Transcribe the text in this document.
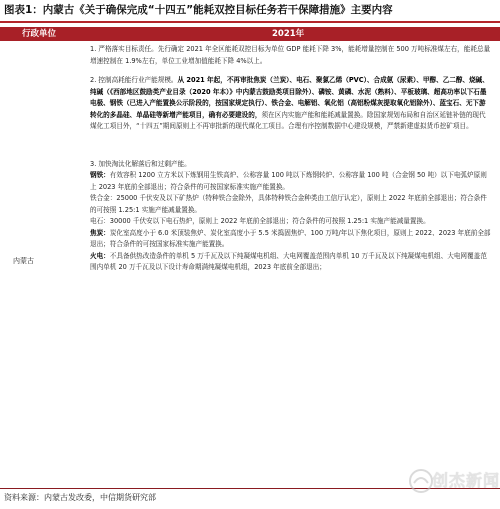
图表1：内蒙古《关于确保完成“十四五”能耗双控目标任务若干保障措施》主要内容
行政单位	2021年
内蒙古
1. 严格落实目标责任。先行确定 2021 年全区能耗双控目标为单位 GDP 能耗下降 3%，能耗增量控制在 500 万吨标准煤左右，能耗总量增速控制在 1.9%左右，单位工业增加值能耗下降 4%以上。
2. 控制高耗能行业产能规模。从 2021 年起，不再审批焦炭（兰炭）、电石、聚氯乙烯（PVC）、合成氨（尿素）、甲醇、乙二醇、烧碱、纯碱（《西部地区鼓励类产业目录（2020 年本）》中内蒙古鼓励类项目除外）、磷铵、黄磷、水泥（熟料）、平板玻璃、超高功率以下石墨电极、钢铁（已进入产能置换公示阶段的，按国家规定执行）、铁合金、电解铝、氧化铝（高铝粉煤灰提取氧化铝除外）、蓝宝石、无下游转化的多晶硅、单晶硅等新增产能项目，确有必要建设的，须在区内实施产能和能耗减量置换。除国家规划布局和自治区延链补链的现代煤化工项目外，“十四五”期间原则上不再审批新的现代煤化工项目。合理有序控制数据中心建设规模，严禁新建虚拟货币挖矿项目。
3. 加快淘汰化解落后和过剩产能。
钢铁：有效容积 1200 立方米以下炼钢用生铁高炉、公称容量 100 吨以下炼钢转炉、公称容量 100 吨（合金钢 50 吨）以下电弧炉原则上 2023 年底前全部退出；符合条件的可按国家标准实施产能置换。
铁合金：25000 千伏安及以下矿热炉（特种铁合金除外，具体特种铁合金种类由工信厅认定），原则上 2022 年底前全部退出；符合条件的可按照 1.25:1 实施产能减量置换。
电石：30000 千伏安以下电石热炉，原则上 2022 年底前全部退出；符合条件的可按照 1.25:1 实施产能减量置换。
焦炭：炭化室高度小于 6.0 米顶装焦炉、炭化室高度小于 5.5 米捣固焦炉、100 万吨/年以下焦化项目，原则上 2022、2023 年底前全部退出；符合条件的可按国家标准实施产能置换。
火电：不具备供热改造条件的单机 5 万千瓦及以下纯凝煤电机组、大电网覆盖范围内单机 10 万千瓦及以下纯凝煤电机组、大电网覆盖范围内单机 20 万千瓦及以下设计寿命期满纯凝煤电机组，2023 年底前全部退出；
资料来源：内蒙古发改委，中信期货研究部
创杰新闻
